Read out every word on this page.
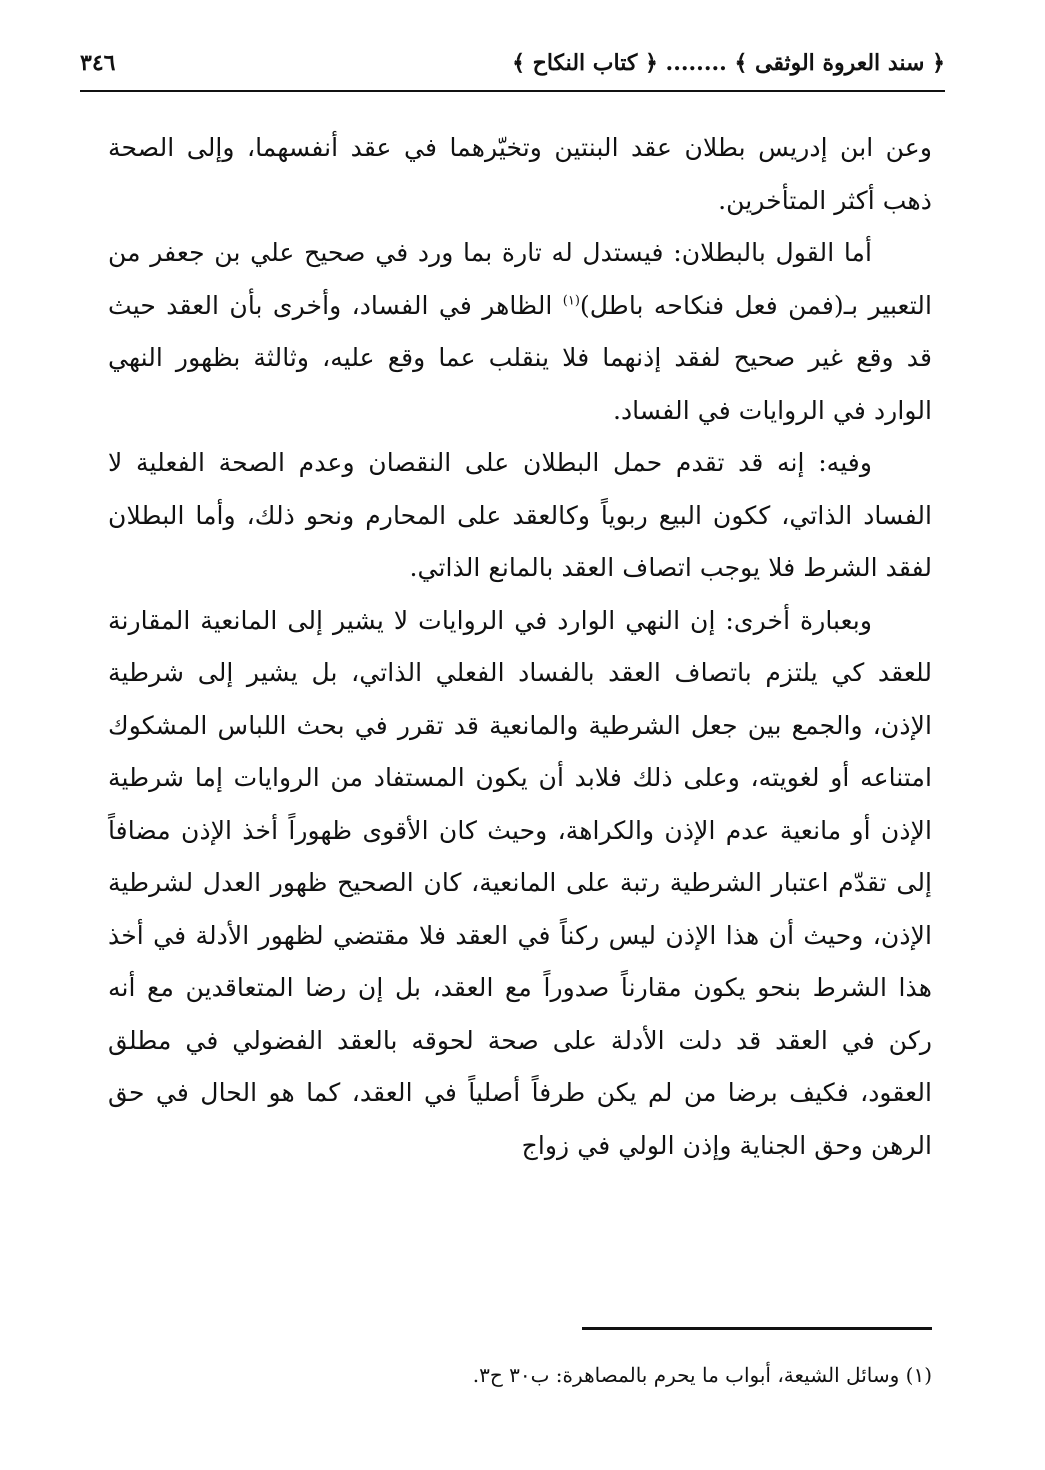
﴿ سند العروة الوثقى ﴾ ........ ﴿ كتاب النكاح ﴾
٣٤٦

وعن ابن إدريس بطلان عقد البنتين وتخيّرهما في عقد أنفسهما، وإلى الصحة ذهب أكثر المتأخرين.

أما القول بالبطلان: فيستدل له تارة بما ورد في صحيح علي بن جعفر من التعبير بـ(فمن فعل فنكاحه باطل)$^{(١)}$ الظاهر في الفساد، وأخرى بأن العقد حيث قد وقع غير صحيح لفقد إذنهما فلا ينقلب عما وقع عليه، وثالثة بظهور النهي الوارد في الروايات في الفساد.

وفيه: إنه قد تقدم حمل البطلان على النقصان وعدم الصحة الفعلية لا الفساد الذاتي، ككون البيع ربوياً وكالعقد على المحارم ونحو ذلك، وأما البطلان لفقد الشرط فلا يوجب اتصاف العقد بالمانع الذاتي.

وبعبارة أخرى: إن النهي الوارد في الروايات لا يشير إلى المانعية المقارنة للعقد كي يلتزم باتصاف العقد بالفساد الفعلي الذاتي، بل يشير إلى شرطية الإذن، والجمع بين جعل الشرطية والمانعية قد تقرر في بحث اللباس المشكوك امتناعه أو لغويته، وعلى ذلك فلابد أن يكون المستفاد من الروايات إما شرطية الإذن أو مانعية عدم الإذن والكراهة، وحيث كان الأقوى ظهوراً أخذ الإذن مضافاً إلى تقدّم اعتبار الشرطية رتبة على المانعية، كان الصحيح ظهور العدل لشرطية الإذن، وحيث أن هذا الإذن ليس ركناً في العقد فلا مقتضي لظهور الأدلة في أخذ هذا الشرط بنحو يكون مقارناً صدوراً مع العقد، بل إن رضا المتعاقدين مع أنه ركن في العقد قد دلت الأدلة على صحة لحوقه بالعقد الفضولي في مطلق العقود، فكيف برضا من لم يكن طرفاً أصلياً في العقد، كما هو الحال في حق الرهن وحق الجناية وإذن الولي في زواج

(١) وسائل الشيعة، أبواب ما يحرم بالمصاهرة: ب٣٠ ح٣.
